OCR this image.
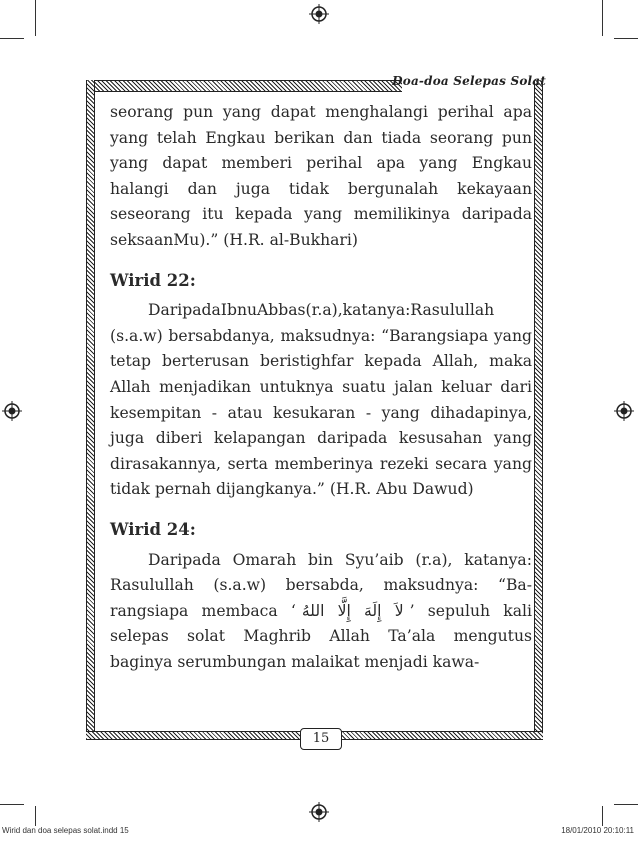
Doa-doa Selepas Solat

seorang pun yang dapat menghalangi perihal apa yang telah Engkau berikan dan tiada seorang pun yang dapat memberi perihal apa yang Engkau halangi dan juga tidak bergunalah kekayaan seseorang itu kepada yang memilikinya daripada seksaanMu).” (H.R. al-Bukhari)

Wirid 22:

DaripadaIbnuAbbas(r.a),katanya:Rasulullah (s.a.w) bersabdanya, maksudnya: “Barangsiapa yang tetap berterusan beristighfar kepada Allah, maka Allah menjadikan untuknya suatu jalan keluar dari kesempitan - atau kesukaran - yang dihadapinya, juga diberi kelapangan daripada kesusahan yang dirasakannya, serta memberinya rezeki secara yang tidak pernah dijangkanya.” (H.R. Abu Dawud)

Wirid 24:

Daripada Omarah bin Syu’aib (r.a), katanya: Rasulullah (s.a.w) bersabda, maksudnya: “Ba-rangsiapa membaca ‘ لاَ إِلَهَ إِلَّا اللهُ ’ sepuluh kali selepas solat Maghrib Allah Ta’ala mengutus baginya serumbungan malaikat menjadi kawa-

15
Wirid dan doa selepas solat.indd 15	18/01/2010 20:10:11
